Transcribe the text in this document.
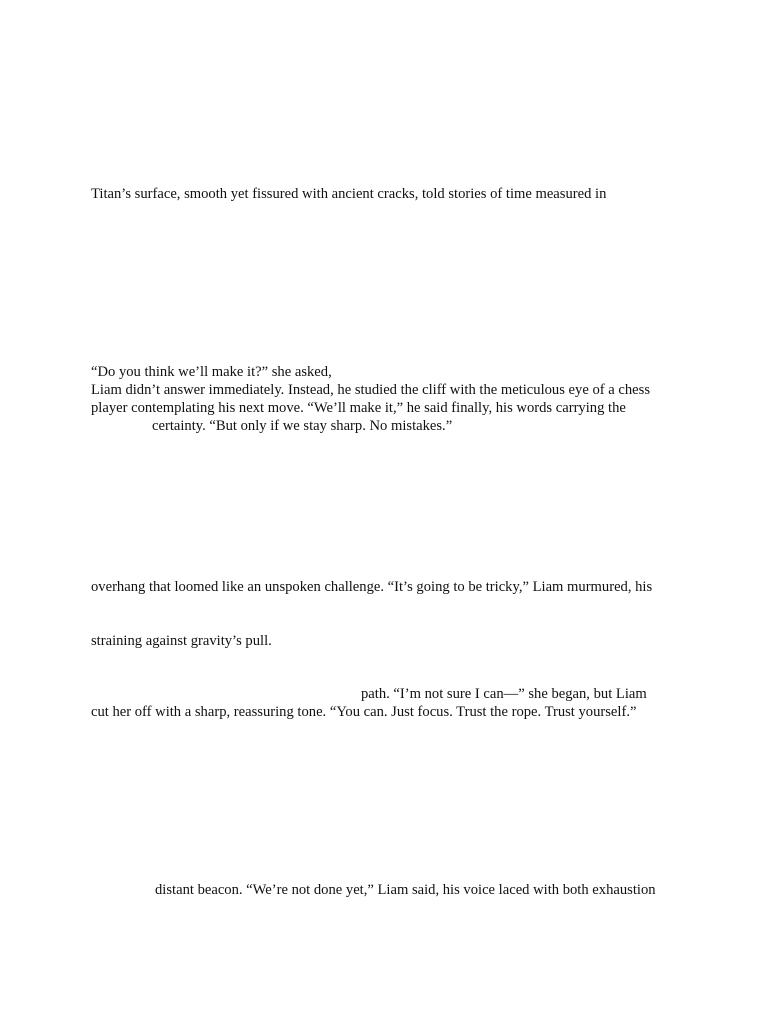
Titan’s surface, smooth yet fissured with ancient cracks, told stories of time measured in
“Do you think we’ll make it?” she asked,
Liam didn’t answer immediately. Instead, he studied the cliff with the meticulous eye of a chess
player contemplating his next move. “We’ll make it,” he said finally, his words carrying the
certainty. “But only if we stay sharp. No mistakes.”
overhang that loomed like an unspoken challenge. “It’s going to be tricky,” Liam murmured, his
straining against gravity’s pull.
path. “I’m not sure I can—” she began, but Liam
cut her off with a sharp, reassuring tone. “You can. Just focus. Trust the rope. Trust yourself.”
distant beacon. “We’re not done yet,” Liam said, his voice laced with both exhaustion
